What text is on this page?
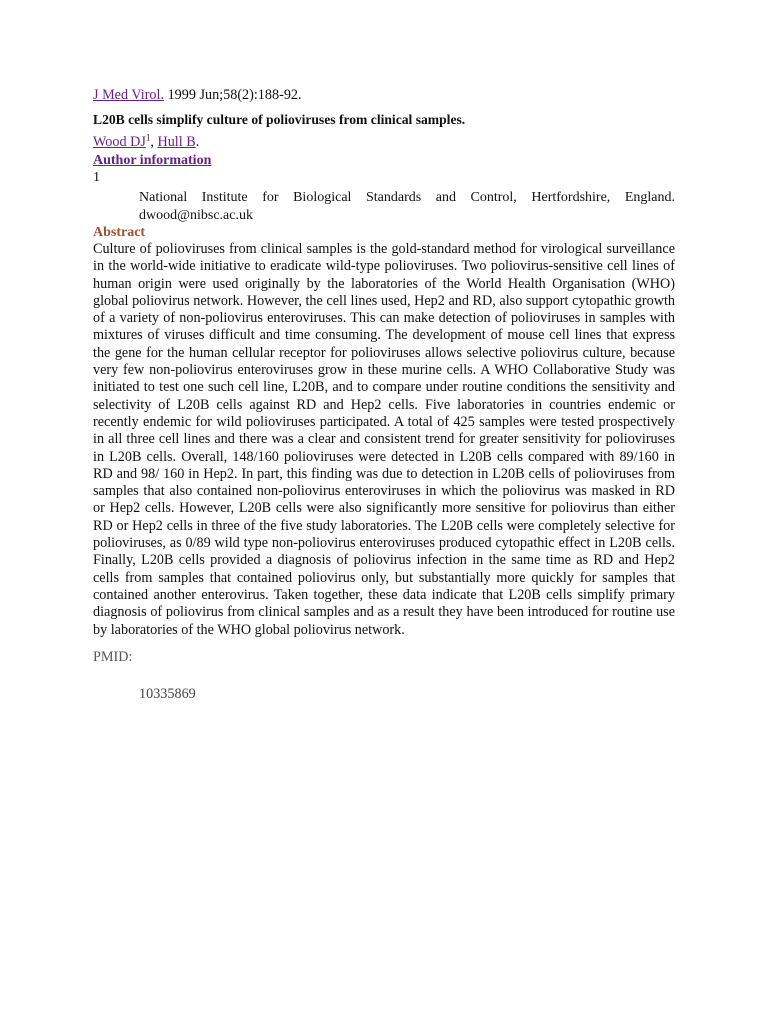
J Med Virol. 1999 Jun;58(2):188-92.

L20B cells simplify culture of polioviruses from clinical samples.

Wood $DJ^1$, Hull B.

Author information

1

National Institute for Biological Standards and Control, Hertfordshire, England. dwood@nibsc.ac.uk

Abstract

Culture of polioviruses from clinical samples is the gold-standard method for virological surveillance in the world-wide initiative to eradicate wild-type polioviruses. Two poliovirus-sensitive cell lines of human origin were used originally by the laboratories of the World Health Organisation (WHO) global poliovirus network. However, the cell lines used, Hep2 and RD, also support cytopathic growth of a variety of non-poliovirus enteroviruses. This can make detection of polioviruses in samples with mixtures of viruses difficult and time consuming. The development of mouse cell lines that express the gene for the human cellular receptor for polioviruses allows selective poliovirus culture, because very few non-poliovirus enteroviruses grow in these murine cells. A WHO Collaborative Study was initiated to test one such cell line, L20B, and to compare under routine conditions the sensitivity and selectivity of L20B cells against RD and Hep2 cells. Five laboratories in countries endemic or recently endemic for wild polioviruses participated. A total of 425 samples were tested prospectively in all three cell lines and there was a clear and consistent trend for greater sensitivity for polioviruses in L20B cells. Overall, 148/160 polioviruses were detected in L20B cells compared with 89/160 in RD and 98/ 160 in Hep2. In part, this finding was due to detection in L20B cells of polioviruses from samples that also contained non-poliovirus enteroviruses in which the poliovirus was masked in RD or Hep2 cells. However, L20B cells were also significantly more sensitive for poliovirus than either RD or Hep2 cells in three of the five study laboratories. The L20B cells were completely selective for polioviruses, as 0/89 wild type non-poliovirus enteroviruses produced cytopathic effect in L20B cells. Finally, L20B cells provided a diagnosis of poliovirus infection in the same time as RD and Hep2 cells from samples that contained poliovirus only, but substantially more quickly for samples that contained another enterovirus. Taken together, these data indicate that L20B cells simplify primary diagnosis of poliovirus from clinical samples and as a result they have been introduced for routine use by laboratories of the WHO global poliovirus network.

PMID:

10335869
